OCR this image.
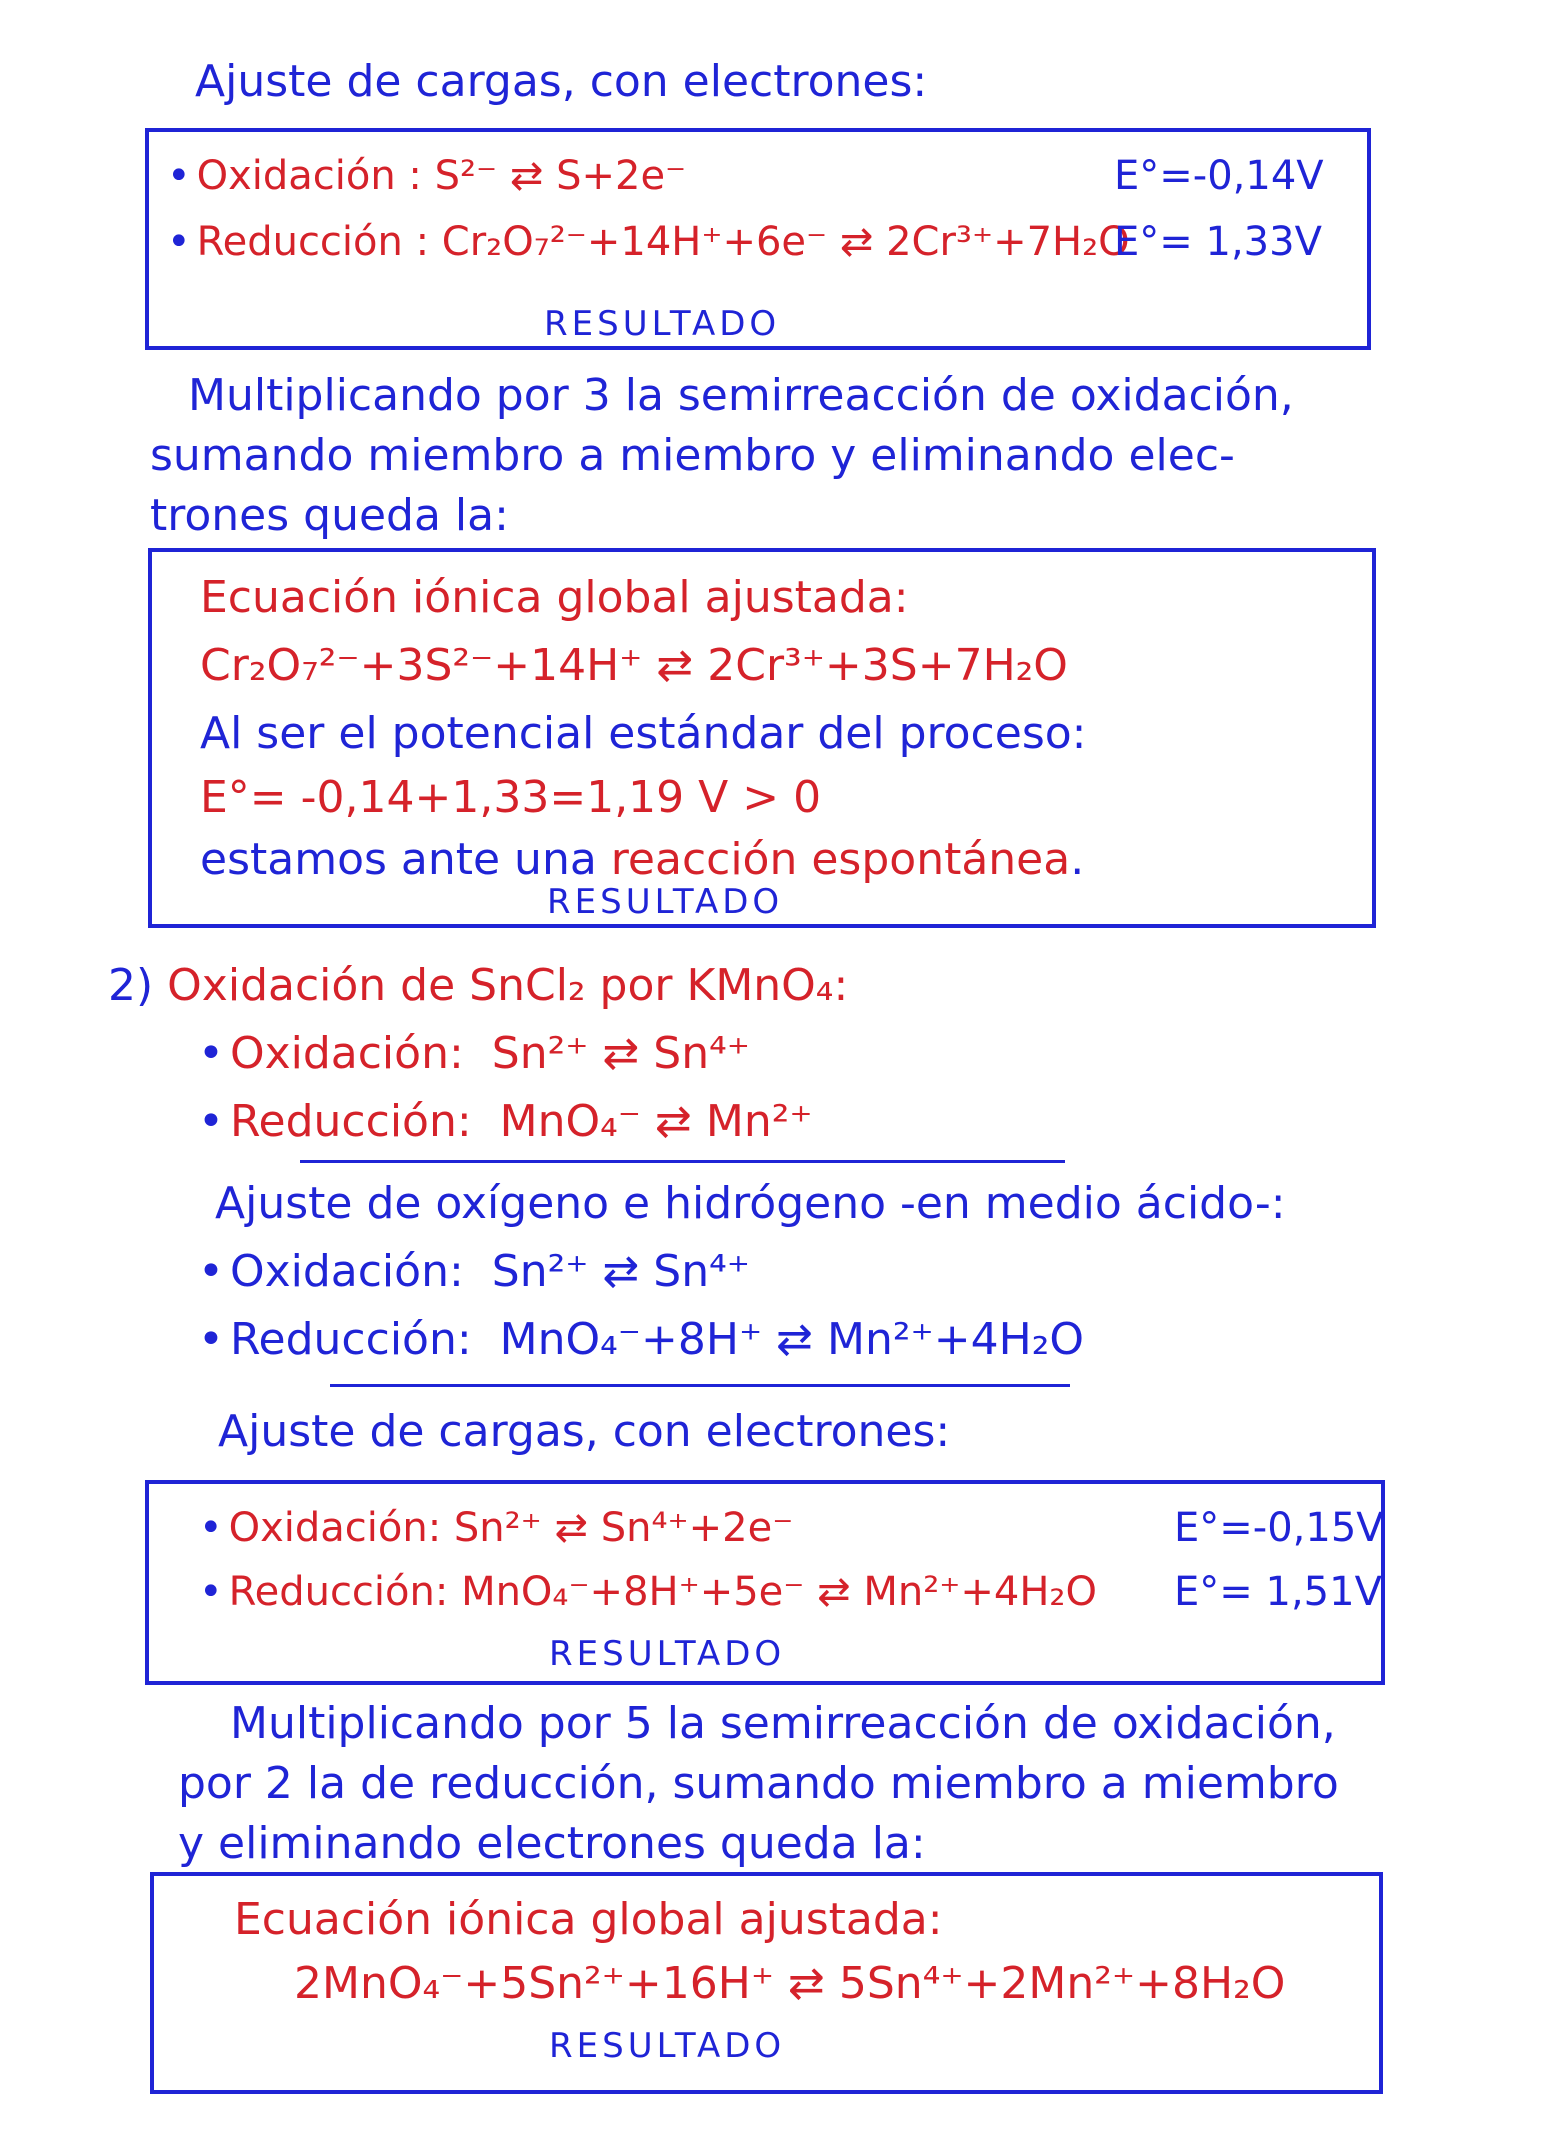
Ajuste de cargas, con electrones:
• Oxidación : S²⁻ ⇄ S+2e⁻	E°=-0,14V
• Reducción : Cr₂O₇²⁻+14H⁺+6e⁻ ⇄ 2Cr³⁺+7H₂O
E°= 1,33V
RESULTADO
Multiplicando por 3 la semirreacción de oxidación,
sumando miembro a miembro y eliminando elec-
trones queda la:
Ecuación iónica global ajustada:
Cr₂O₇²⁻+3S²⁻+14H⁺ ⇄ 2Cr³⁺+3S+7H₂O
Al ser el potencial estándar del proceso:
E°= -0,14+1,33=1,19 V > 0
estamos ante una reacción espontánea.
RESULTADO
2) Oxidación de SnCl₂ por KMnO₄:
• Oxidación: Sn²⁺ ⇄ Sn⁴⁺
• Reducción: MnO₄⁻ ⇄ Mn²⁺
Ajuste de oxígeno e hidrógeno -en medio ácido-:
• Oxidación: Sn²⁺ ⇄ Sn⁴⁺
• Reducción: MnO₄⁻+8H⁺ ⇄ Mn²⁺+4H₂O
Ajuste de cargas, con electrones:
• Oxidación: Sn²⁺ ⇄ Sn⁴⁺+2e⁻	E°=-0,15V
• Reducción: MnO₄⁻+8H⁺+5e⁻ ⇄ Mn²⁺+4H₂O E°= 1,51V
RESULTADO
Multiplicando por 5 la semirreacción de oxidación,
por 2 la de reducción, sumando miembro a miembro
y eliminando electrones queda la:
Ecuación iónica global ajustada:
2MnO₄⁻+5Sn²⁺+16H⁺ ⇄ 5Sn⁴⁺+2Mn²⁺+8H₂O
RESULTADO
